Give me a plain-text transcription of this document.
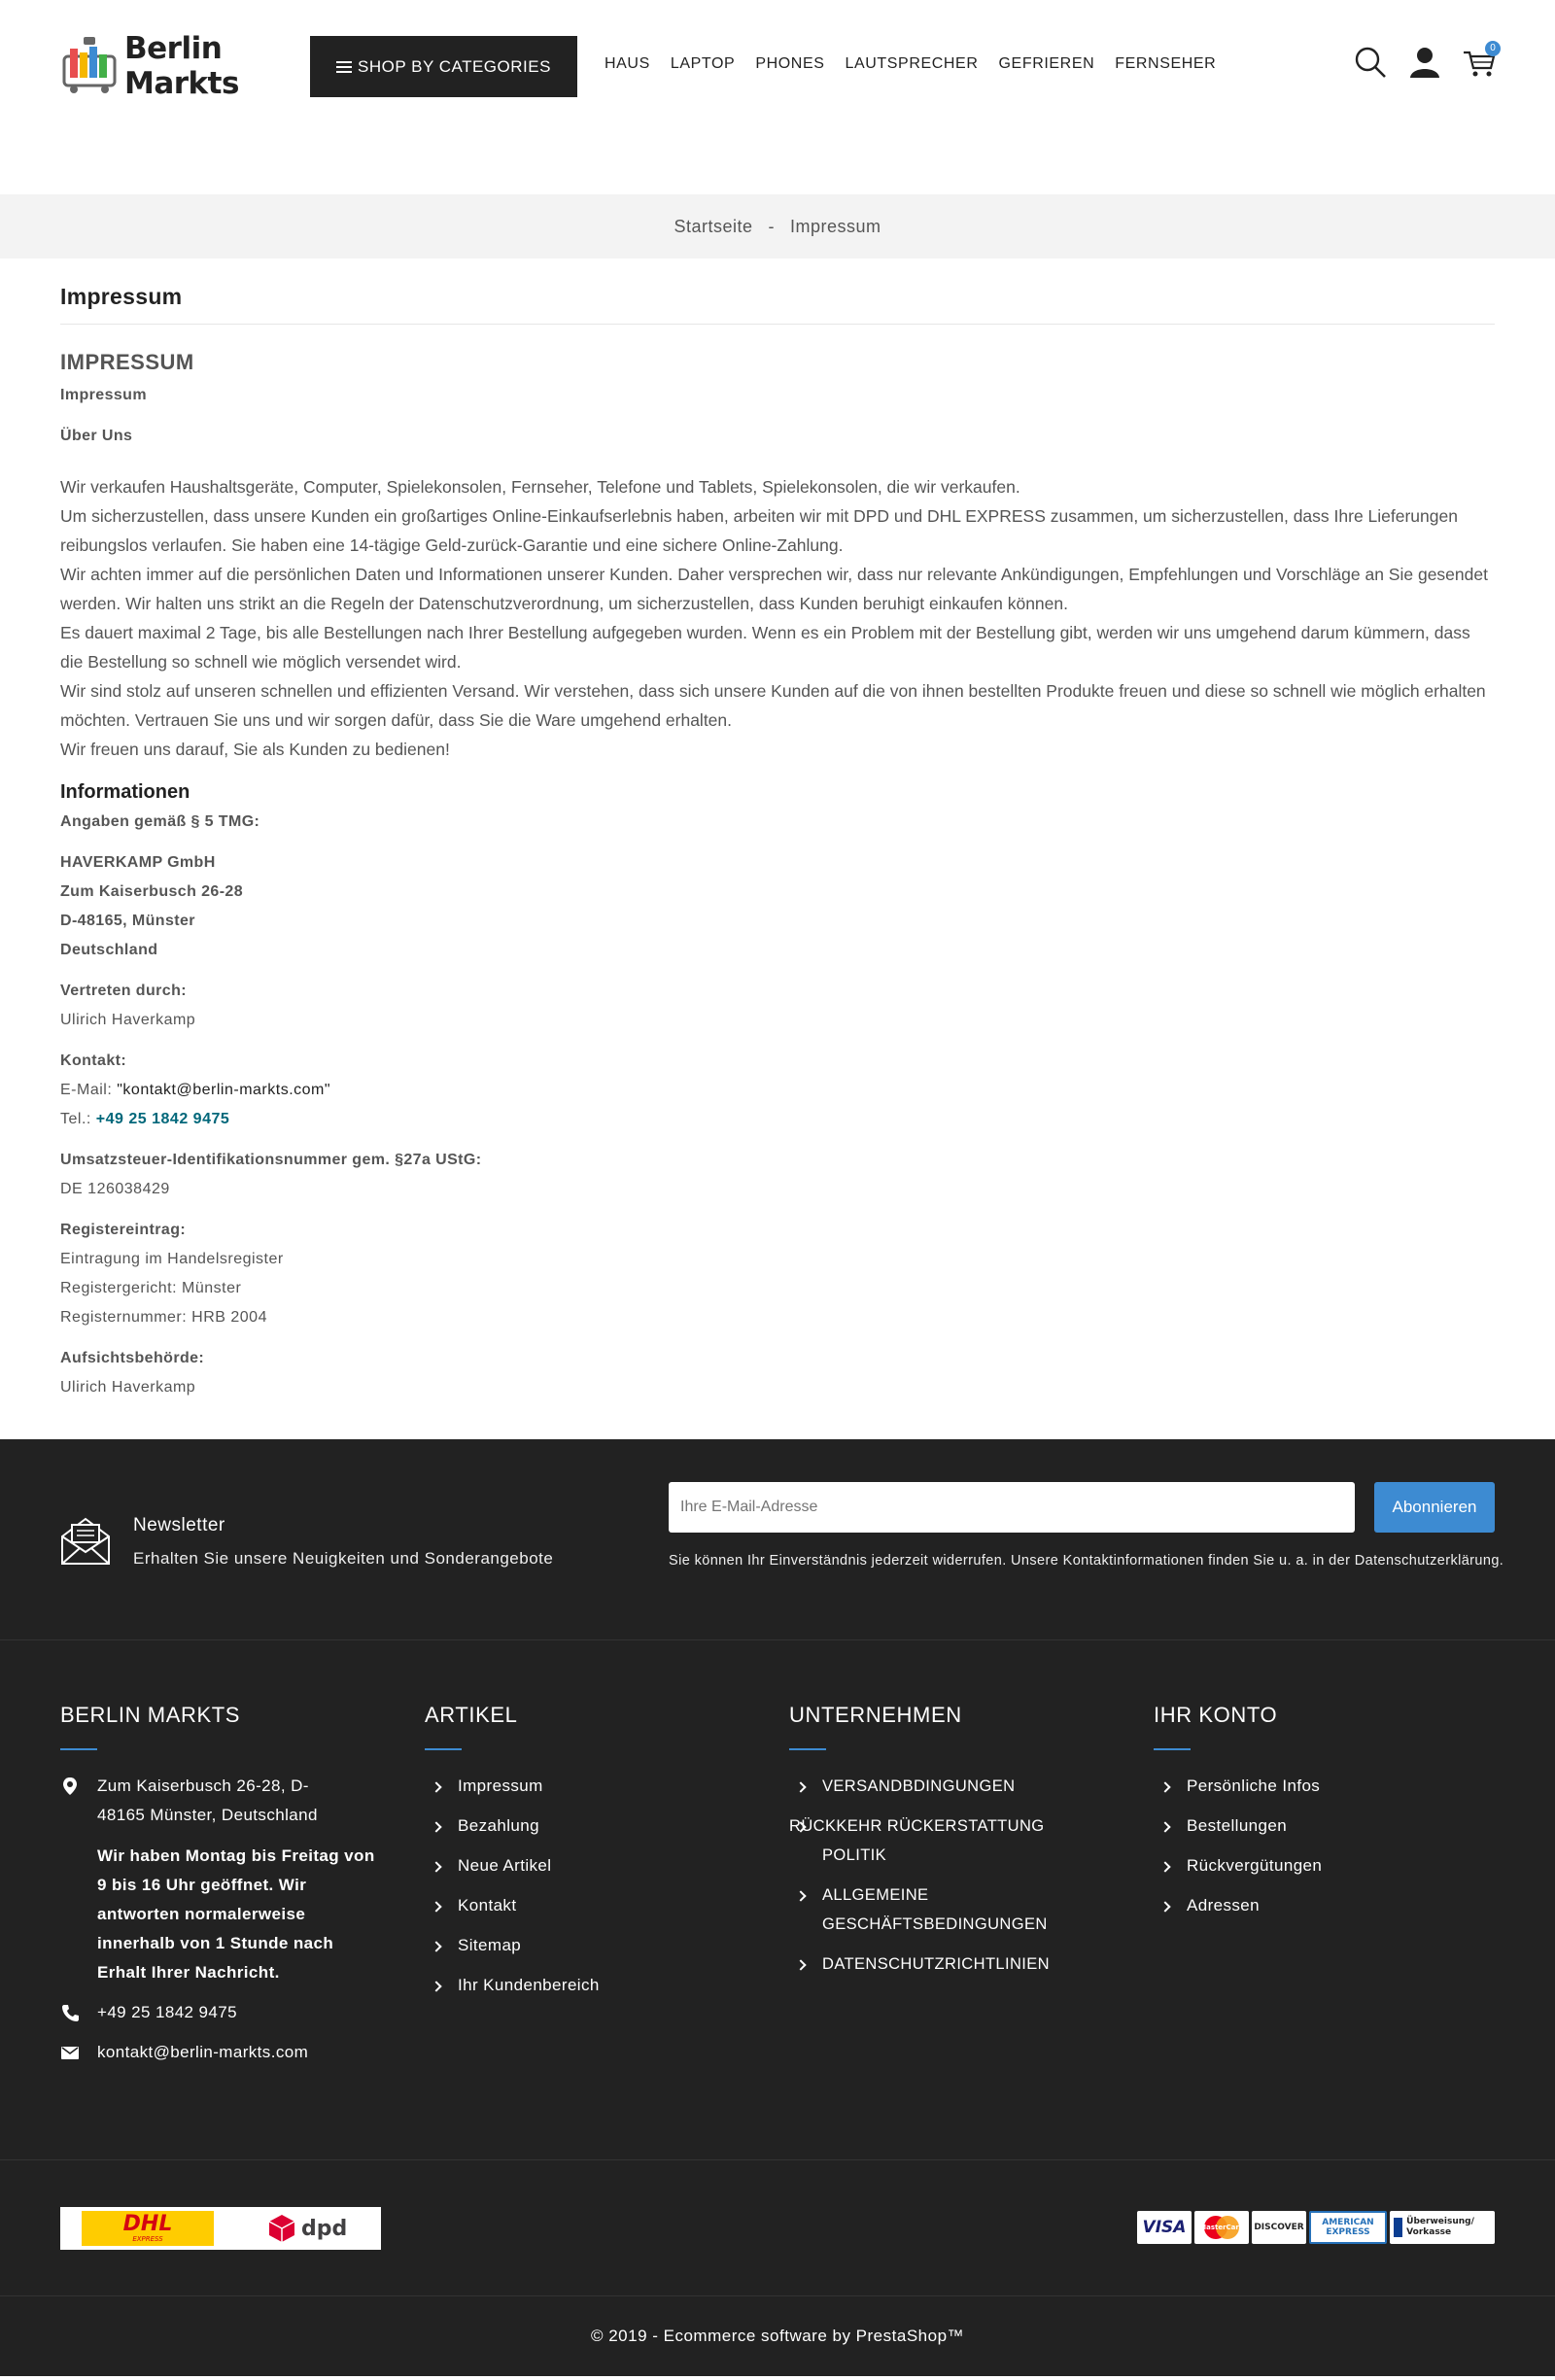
Berlin Markts	SHOP BY CATEGORIES	HAUS LAPTOP PHONES LAUTSPRECHER GEFRIEREN FERNSEHER
0
Startseite - Impressum
Impressum
IMPRESSUM
Impressum
Über Uns

Wir verkaufen Haushaltsgeräte, Computer, Spielekonsolen, Fernseher, Telefone und Tablets, Spielekonsolen, die wir verkaufen.

Um sicherzustellen, dass unsere Kunden ein großartiges Online-Einkaufserlebnis haben, arbeiten wir mit DPD und DHL EXPRESS zusammen, um sicherzustellen, dass Ihre Lieferungen reibungslos verlaufen. Sie haben eine 14-tägige Geld-zurück-Garantie und eine sichere Online-Zahlung.

Wir achten immer auf die persönlichen Daten und Informationen unserer Kunden. Daher versprechen wir, dass nur relevante Ankündigungen, Empfehlungen und Vorschläge an Sie gesendet werden. Wir halten uns strikt an die Regeln der Datenschutzverordnung, um sicherzustellen, dass Kunden beruhigt einkaufen können.

Es dauert maximal 2 Tage, bis alle Bestellungen nach Ihrer Bestellung aufgegeben wurden. Wenn es ein Problem mit der Bestellung gibt, werden wir uns umgehend darum kümmern, dass die Bestellung so schnell wie möglich versendet wird.

Wir sind stolz auf unseren schnellen und effizienten Versand. Wir verstehen, dass sich unsere Kunden auf die von ihnen bestellten Produkte freuen und diese so schnell wie möglich erhalten möchten. Vertrauen Sie uns und wir sorgen dafür, dass Sie die Ware umgehend erhalten.

Wir freuen uns darauf, Sie als Kunden zu bedienen!

Informationen
Angaben gemäß § 5 TMG:
HAVERKAMP GmbH
Zum Kaiserbusch 26-28
D-48165, Münster
Deutschland
Vertreten durch:
Ulirich Haverkamp
Kontakt:
E-Mail: "kontakt@berlin-markts.com"
Tel.: +49 25 1842 9475
Umsatzsteuer-Identifikationsnummer gem. §27a UStG:
DE 126038429
Registereintrag:
Eintragung im Handelsregister
Registergericht: Münster
Registernummer: HRB 2004
Aufsichtsbehörde:
Ulirich Haverkamp
Newsletter
Erhalten Sie unsere Neuigkeiten und Sonderangebote
Ihre E-Mail-Adresse
Abonnieren
Sie können Ihr Einverständnis jederzeit widerrufen. Unsere Kontaktinformationen finden Sie u. a. in der Datenschutzerklärung.
BERLIN MARKTS
Zum Kaiserbusch 26-28, D-48165 Münster, Deutschland
Wir haben Montag bis Freitag von 9 bis 16 Uhr geöffnet. Wir antworten normalerweise innerhalb von 1 Stunde nach Erhalt Ihrer Nachricht.
+49 25 1842 9475
kontakt@berlin-markts.com
ARTIKEL
Impressum
Bezahlung
Neue Artikel
Kontakt
Sitemap
Ihr Kundenbereich
UNTERNEHMEN
VERSANDBDINGUNGEN
RÜCKKEHR RÜCKERSTATTUNG POLITIK
ALLGEMEINE GESCHÄFTSBEDINGUNGEN
DATENSCHUTZRICHTLINIEN
IHR KONTO
Persönliche Infos
Bestellungen
Rückvergütungen
Adressen
DHL
EXPRESS	dpd	VISA	MasterCard DISCOVER	AMERICAN EXPRESS
Überweisung/ Vorkasse
© 2019 - Ecommerce software by PrestaShop™
